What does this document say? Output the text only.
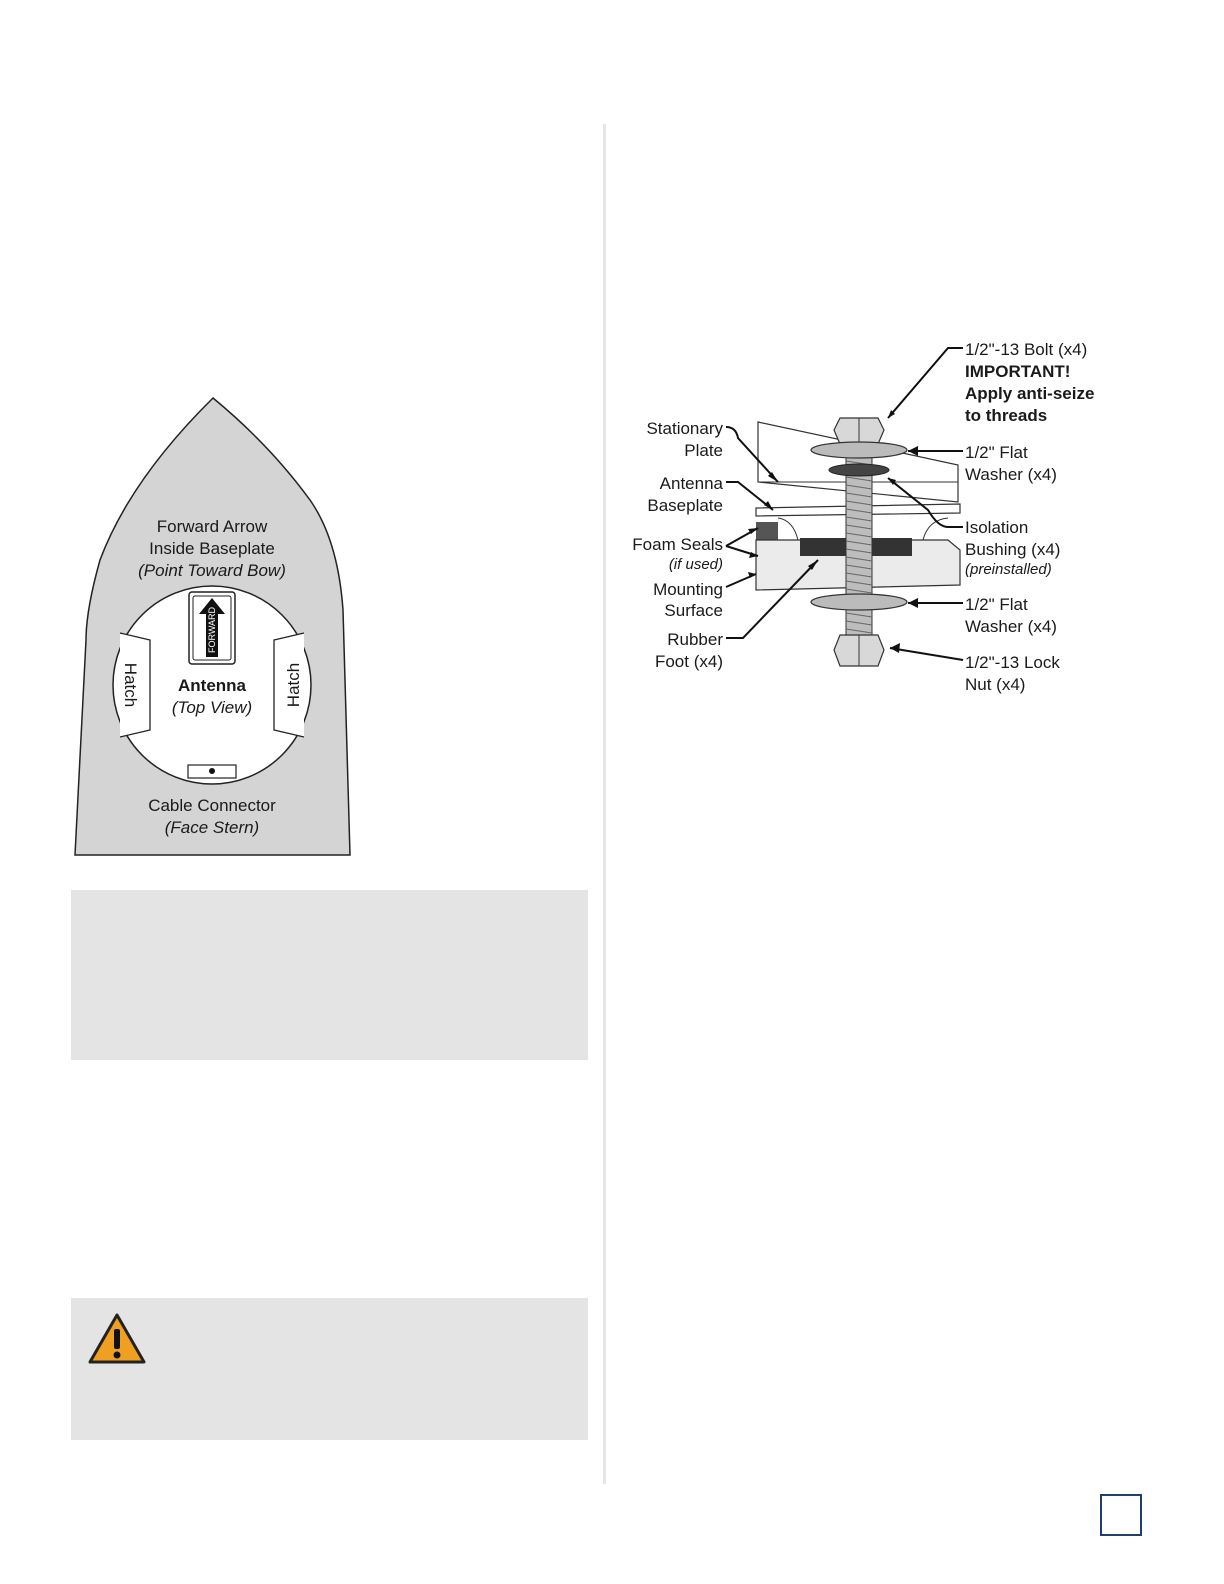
Forward Arrow
Inside Baseplate
(Point Toward Bow)
Hatch	Hatch
FORWARD
Antenna
(Top View)
Cable Connector
(Face Stern)
Stationary
Plate
Antenna
Baseplate
Foam Seals
(if used)
Mounting
Surface
Rubber
Foot (x4)
1/2"-13 Bolt (x4)
IMPORTANT!
Apply anti-seize
to threads
1/2" Flat
Washer (x4)
Isolation
Bushing (x4)
(preinstalled)
1/2" Flat
Washer (x4)
1/2"-13 Lock
Nut (x4)
